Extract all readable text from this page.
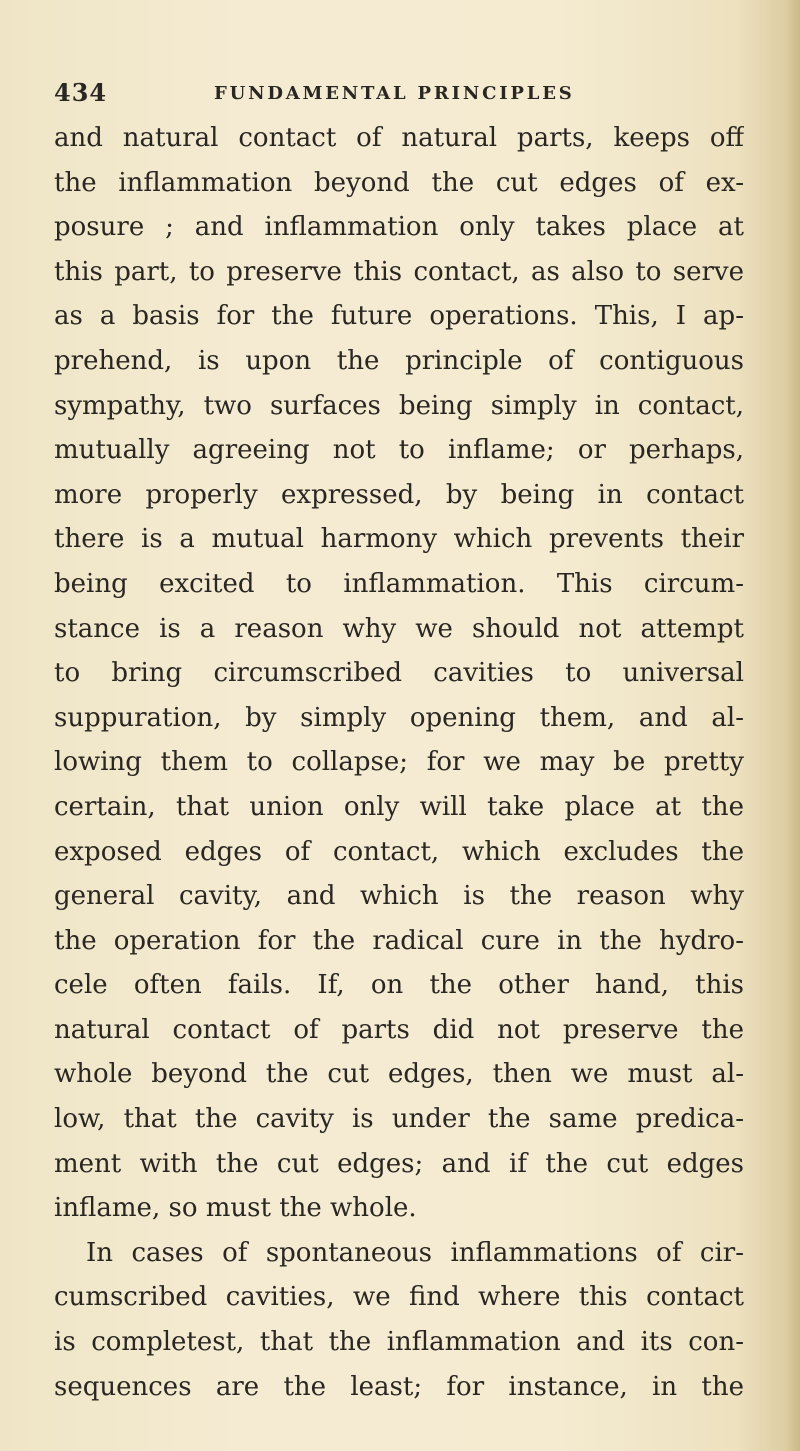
434	FUNDAMENTAL PRINCIPLES
and natural contact of natural parts, keeps off
the inflammation beyond the cut edges of ex-
posure ; and inflammation only takes place at
this part, to preserve this contact, as also to serve
as a basis for the future operations. This, I ap-
prehend, is upon the principle of contiguous
sympathy, two surfaces being simply in contact,
mutually agreeing not to inflame; or perhaps,
more properly expressed, by being in contact
there is a mutual harmony which prevents their
being excited to inflammation. This circum-
stance is a reason why we should not attempt
to bring circumscribed cavities to universal
suppuration, by simply opening them, and al-
lowing them to collapse; for we may be pretty
certain, that union only will take place at the
exposed edges of contact, which excludes the
general cavity, and which is the reason why
the operation for the radical cure in the hydro-
cele often fails. If, on the other hand, this
natural contact of parts did not preserve the
whole beyond the cut edges, then we must al-
low, that the cavity is under the same predica-
ment with the cut edges; and if the cut edges
inflame, so must the whole.
In cases of spontaneous inflammations of cir-
cumscribed cavities, we find where this contact
is completest, that the inflammation and its con-
sequences are the least; for instance, in the
